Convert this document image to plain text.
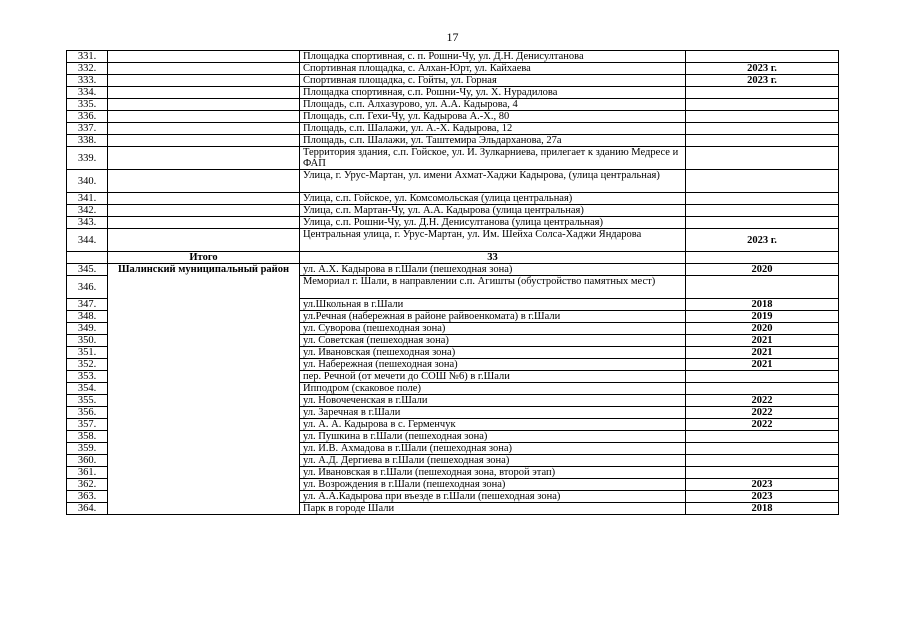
17
331.		Площадка спортивная, с. п. Рошни-Чу, ул. Д.Н. Денисултанова	
332.		Спортивная площадка, с. Алхан-Юрт, ул. Кайхаева	2023 г.
333.		Спортивная площадка, с. Гойты, ул. Горная	2023 г.
334.		Площадка спортивная, с.п. Рошни-Чу, ул. Х. Нурадилова	
335.		Площадь, с.п. Алхазурово, ул. А.А. Кадырова, 4	
336.		Площадь, с.п. Гехи-Чу, ул. Кадырова А.-Х., 80	
337.		Площадь, с.п. Шалажи, ул. А.-Х. Кадырова, 12	
338.		Площадь, с.п. Шалажи, ул. Таштемира Эльдарханова, 27а	
339.		Территория здания, с.п. Гойское, ул. И. Зулкарниева, прилегает к зданию Медресе и ФАП	
340.		Улица, г. Урус-Мартан, ул. имени Ахмат-Хаджи Кадырова, (улица центральная)	
341.		Улица, с.п. Гойское, ул. Комсомольская (улица центральная)	
342.		Улица, с.п. Мартан-Чу, ул. А.А. Кадырова (улица центральная)	
343.		Улица, с.п. Рошни-Чу, ул. Д.Н. Денисултанова (улица центральная)	
344.		Центральная улица, г. Урус-Мартан, ул. Им. Шейха Солса-Хаджи Яндарова	2023 г.
	Итого	33	
345.	Шалинский муниципальный район	ул. А.Х. Кадырова в г.Шали (пешеходная зона)	2020
346.		Мемориал г. Шали, в направлении с.п. Агишты (обустройство памятных мест)	
347.		ул.Школьная в г.Шали	2018
348.		ул.Речная (набережная в районе райвоенкомата) в г.Шали	2019
349.		ул. Суворова (пешеходная зона)	2020
350.		ул. Советская (пешеходная зона)	2021
351.		ул. Ивановская (пешеходная зона)	2021
352.		ул. Набережная (пешеходная зона)	2021
353.		пер. Речной (от мечети до СОШ №6) в г.Шали	
354.		Ипподром (скаковое поле)	
355.		ул. Новочеченская в г.Шали	2022
356.		ул. Заречная в г.Шали	2022
357.		ул. А. А. Кадырова в с. Герменчук	2022
358.		ул. Пушкина в г.Шали (пешеходная зона)	
359.		ул. И.В. Ахмадова в г.Шали (пешеходная зона)	
360.		ул. А.Д. Дергиева в г.Шали (пешеходная зона)	
361.		ул. Ивановская в г.Шали (пешеходная зона, второй этап)	
362.		ул. Возрождения в г.Шали (пешеходная зона)	2023
363.		ул. А.А.Кадырова при въезде в г.Шали (пешеходная зона)	2023
364.		Парк в городе Шали	2018
